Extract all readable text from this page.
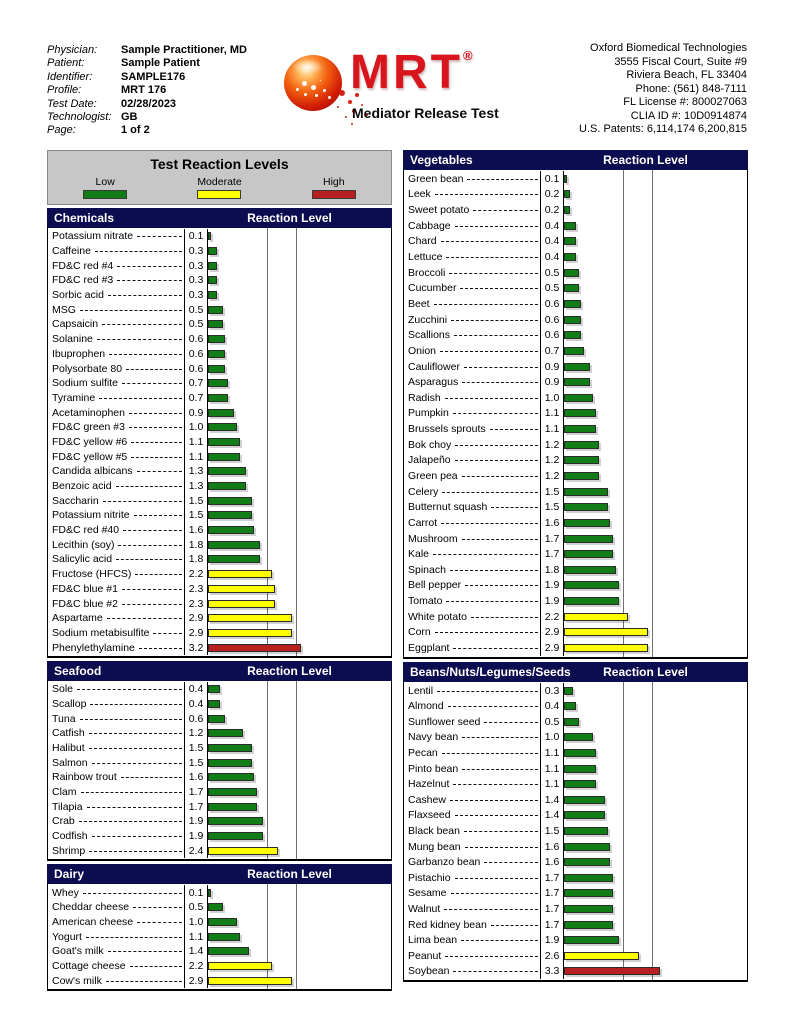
Physician:	Sample Practitioner, MD
Patient:	Sample Patient
Identifier:	SAMPLE176
Profile:	MRT 176
Test Date:	02/28/2023
Technologist: GB
Page:	1 of 2
MRT®
Mediator Release Test
Oxford Biomedical Technologies
3555 Fiscal Court, Suite #9
Riviera Beach, FL 33404
Phone: (561) 848-7111
FL License #: 800027063
CLIA ID #: 10D0914874
U.S. Patents: 6,114,174 6,200,815
Test Reaction Levels
Low	Moderate	High
Chemicals	Reaction Level
Potassium nitrate	0.1
Caffeine	0.3
FD&C red #4	0.3
FD&C red #3	0.3
Sorbic acid	0.3
MSG	0.5
Capsaicin	0.5
Solanine	0.6
Ibuprophen	0.6
Polysorbate 80	0.6
Sodium sulfite	0.7
Tyramine	0.7
Acetaminophen	0.9
FD&C green #3	1.0
FD&C yellow #6	1.1
FD&C yellow #5	1.1
Candida albicans	1.3
Benzoic acid	1.3
Saccharin	1.5
Potassium nitrite	1.5
FD&C red #40	1.6
Lecithin (soy)	1.8
Salicylic acid	1.8
Fructose (HFCS)	2.2
FD&C blue #1	2.3
FD&C blue #2	2.3
Aspartame	2.9
Sodium metabisulfite	2.9
Phenylethylamine	3.2
Seafood	Reaction Level
Sole	0.4
Scallop	0.4
Tuna	0.6
Catfish	1.2
Halibut	1.5
Salmon	1.5
Rainbow trout	1.6
Clam	1.7
Tilapia	1.7
Crab	1.9
Codfish	1.9
Shrimp	2.4
Dairy	Reaction Level
Whey	0.1
Cheddar cheese	0.5
American cheese	1.0
Yogurt	1.1
Goat's milk	1.4
Cottage cheese	2.2
Cow's milk	2.9
Vegetables	Reaction Level
Green bean	0.1
Leek	0.2
Sweet potato	0.2
Cabbage	0.4
Chard	0.4
Lettuce	0.4
Broccoli	0.5
Cucumber	0.5
Beet	0.6
Zucchini	0.6
Scallions	0.6
Onion	0.7
Cauliflower	0.9
Asparagus	0.9
Radish	1.0
Pumpkin	1.1
Brussels sprouts	1.1
Bok choy	1.2
Jalapeño	1.2
Green pea	1.2
Celery	1.5
Butternut squash	1.5
Carrot	1.6
Mushroom	1.7
Kale	1.7
Spinach	1.8
Bell pepper	1.9
Tomato	1.9
White potato	2.2
Corn	2.9
Eggplant	2.9
Beans/Nuts/Legumes/Seeds	Reaction Level
Lentil	0.3
Almond	0.4
Sunflower seed	0.5
Navy bean	1.0
Pecan	1.1
Pinto bean	1.1
Hazelnut	1.1
Cashew	1.4
Flaxseed	1.4
Black bean	1.5
Mung bean	1.6
Garbanzo bean	1.6
Pistachio	1.7
Sesame	1.7
Walnut	1.7
Red kidney bean	1.7
Lima bean	1.9
Peanut	2.6
Soybean	3.3
